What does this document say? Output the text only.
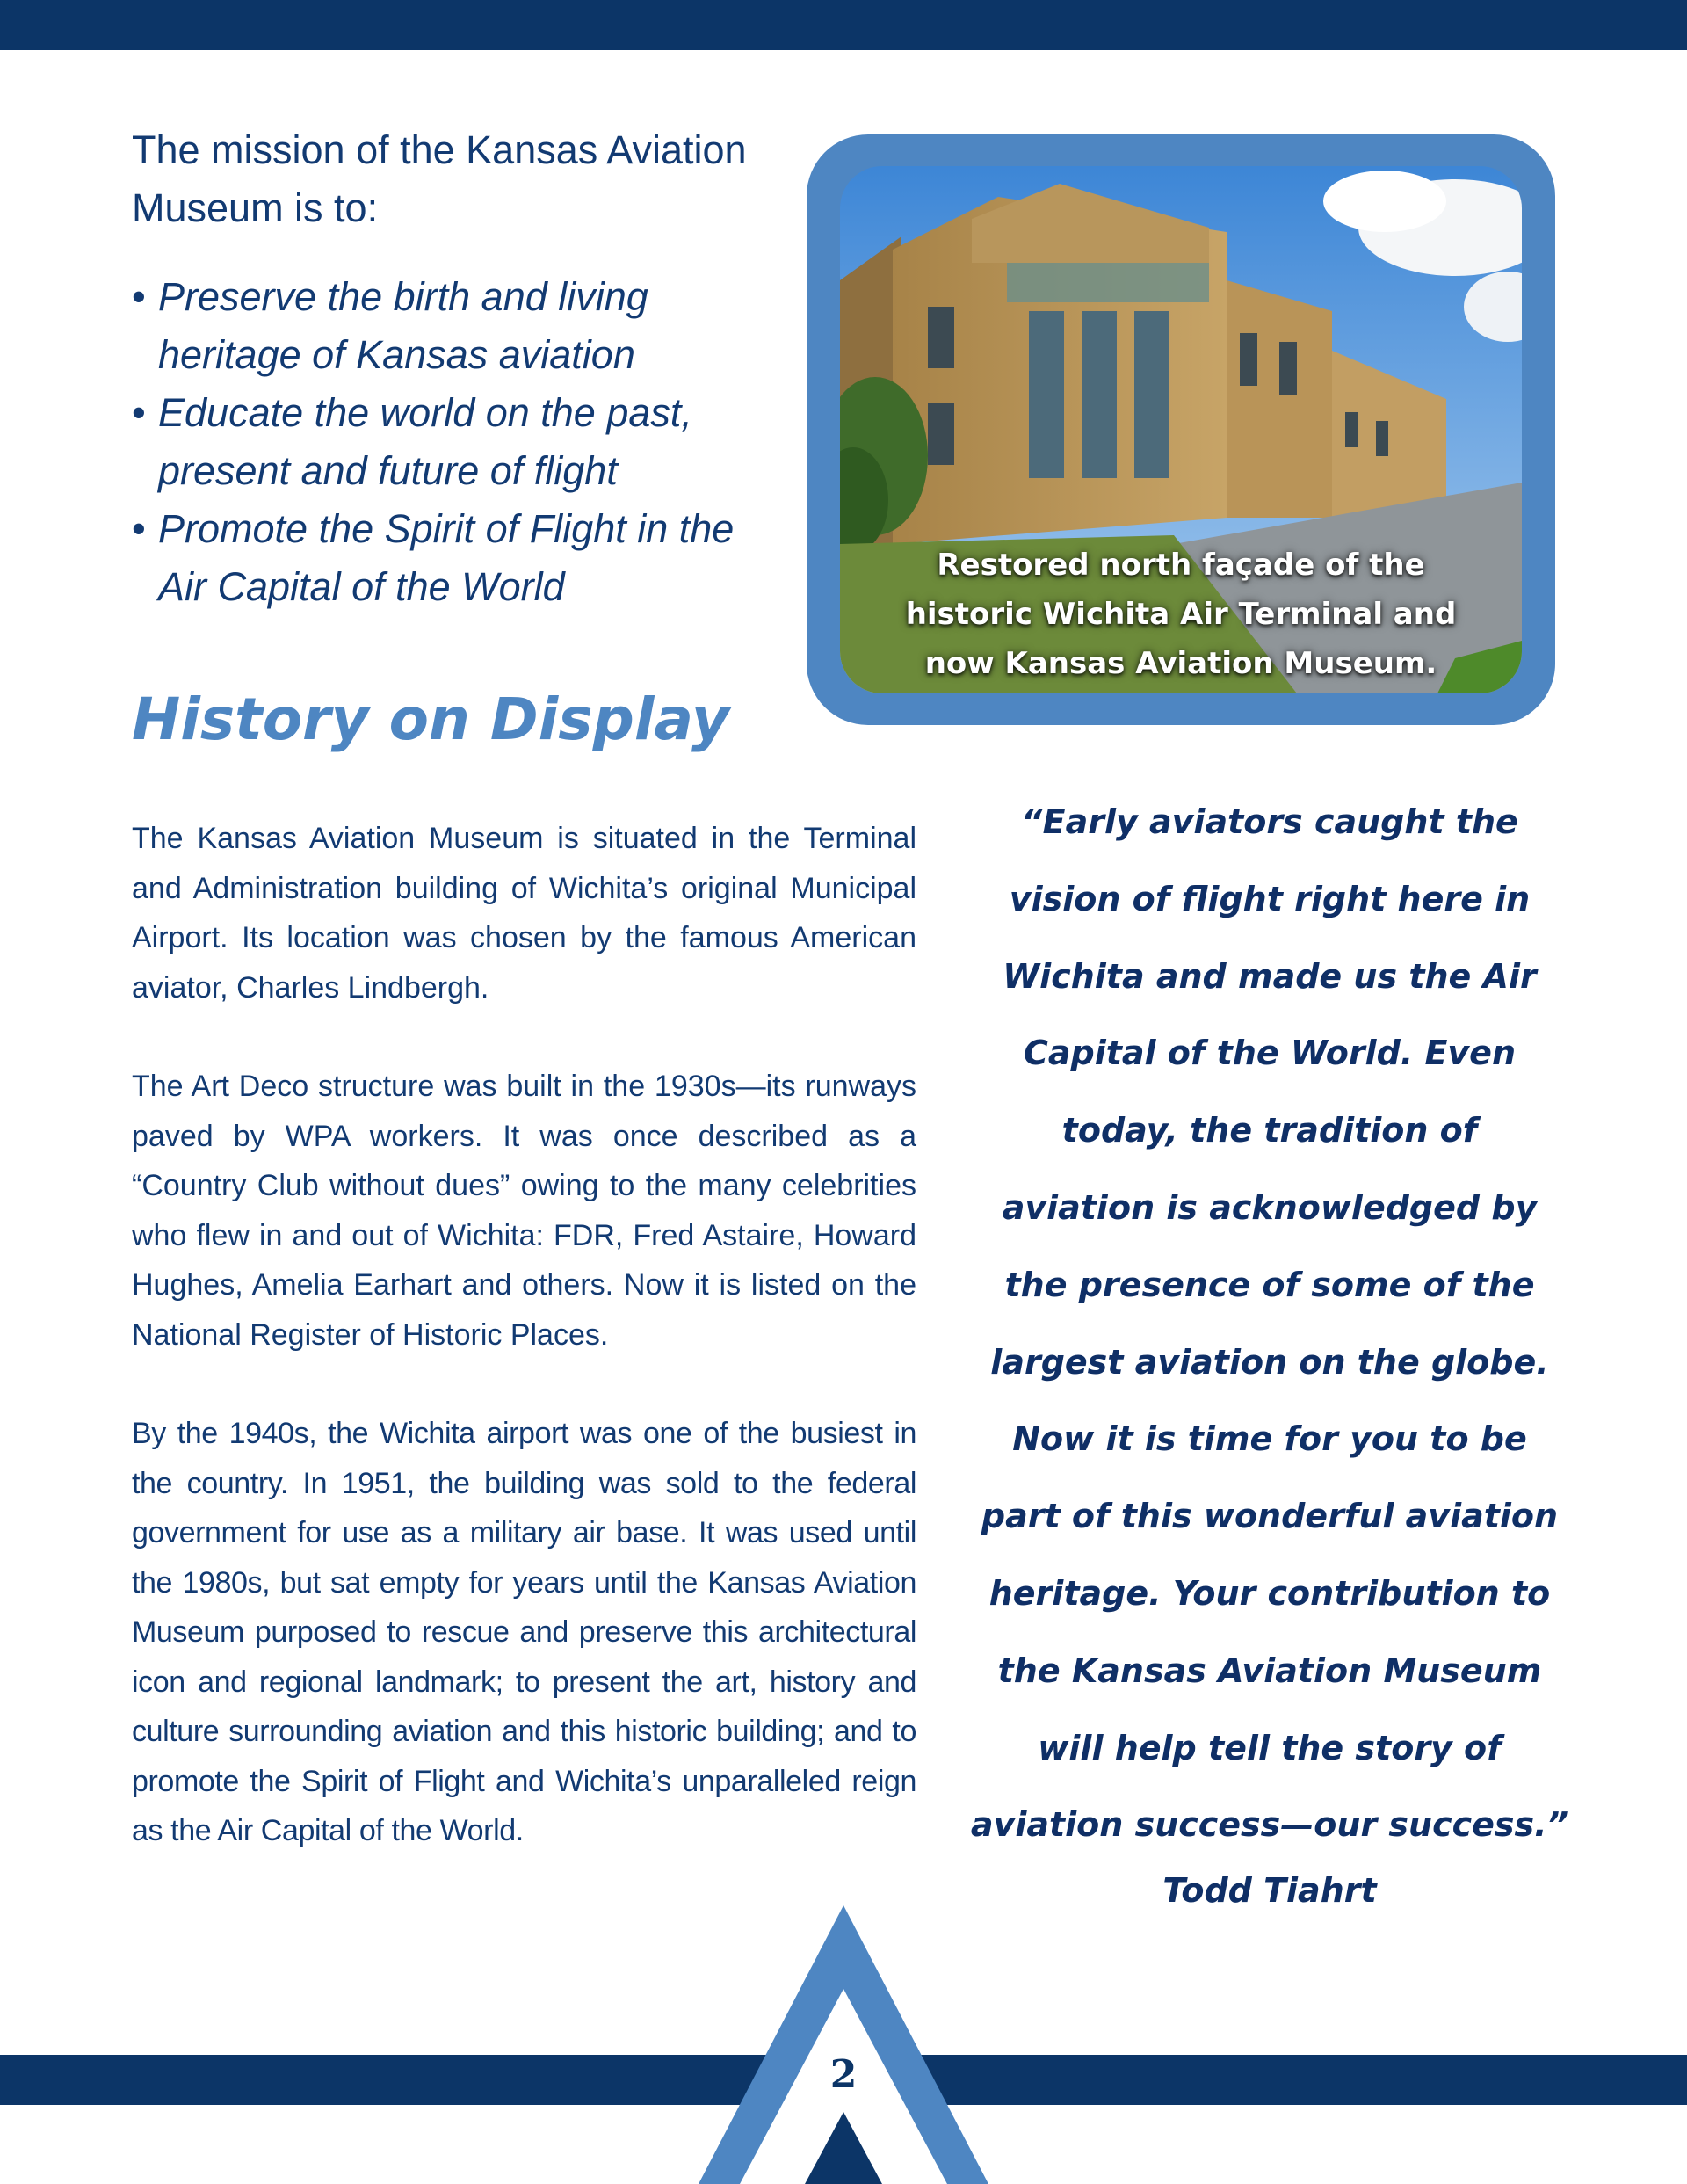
The mission of the Kansas Aviation Museum is to:

• Preserve the birth and living heritage of Kansas aviation
• Educate the world on the past, present and future of flight
• Promote the Spirit of Flight in the Air Capital of the World	Restored north façade of the
historic Wichita Air Terminal and
now Kansas Aviation Museum.

History on Display

The Kansas Aviation Museum is situated in the Terminal and Administration building of Wichita’s original Municipal Airport. Its location was chosen by the famous American aviator, Charles Lindbergh.

The Art Deco structure was built in the 1930s—its runways paved by WPA workers. It was once described as a “Country Club without dues” owing to the many celebrities who flew in and out of Wichita: FDR, Fred Astaire, Howard Hughes, Amelia Earhart and others. Now it is listed on the National Register of Historic Places.

By the 1940s, the Wichita airport was one of the busiest in the country. In 1951, the building was sold to the federal government for use as a military air base. It was used until the 1980s, but sat empty for years until the Kansas Aviation Museum purposed to rescue and preserve this architectural icon and regional landmark; to present the art, history and culture surrounding aviation and this historic building; and to promote the Spirit of Flight and Wichita’s unparalleled reign as the Air Capital of the World.

“Early aviators caught the
vision of flight right here in
Wichita and made us the Air
Capital of the World. Even
today, the tradition of
aviation is acknowledged by
the presence of some of the
largest aviation on the globe.
Now it is time for you to be
part of this wonderful aviation
heritage. Your contribution to
the Kansas Aviation Museum
will help tell the story of
aviation success—our success.”

Todd Tiahrt

2
